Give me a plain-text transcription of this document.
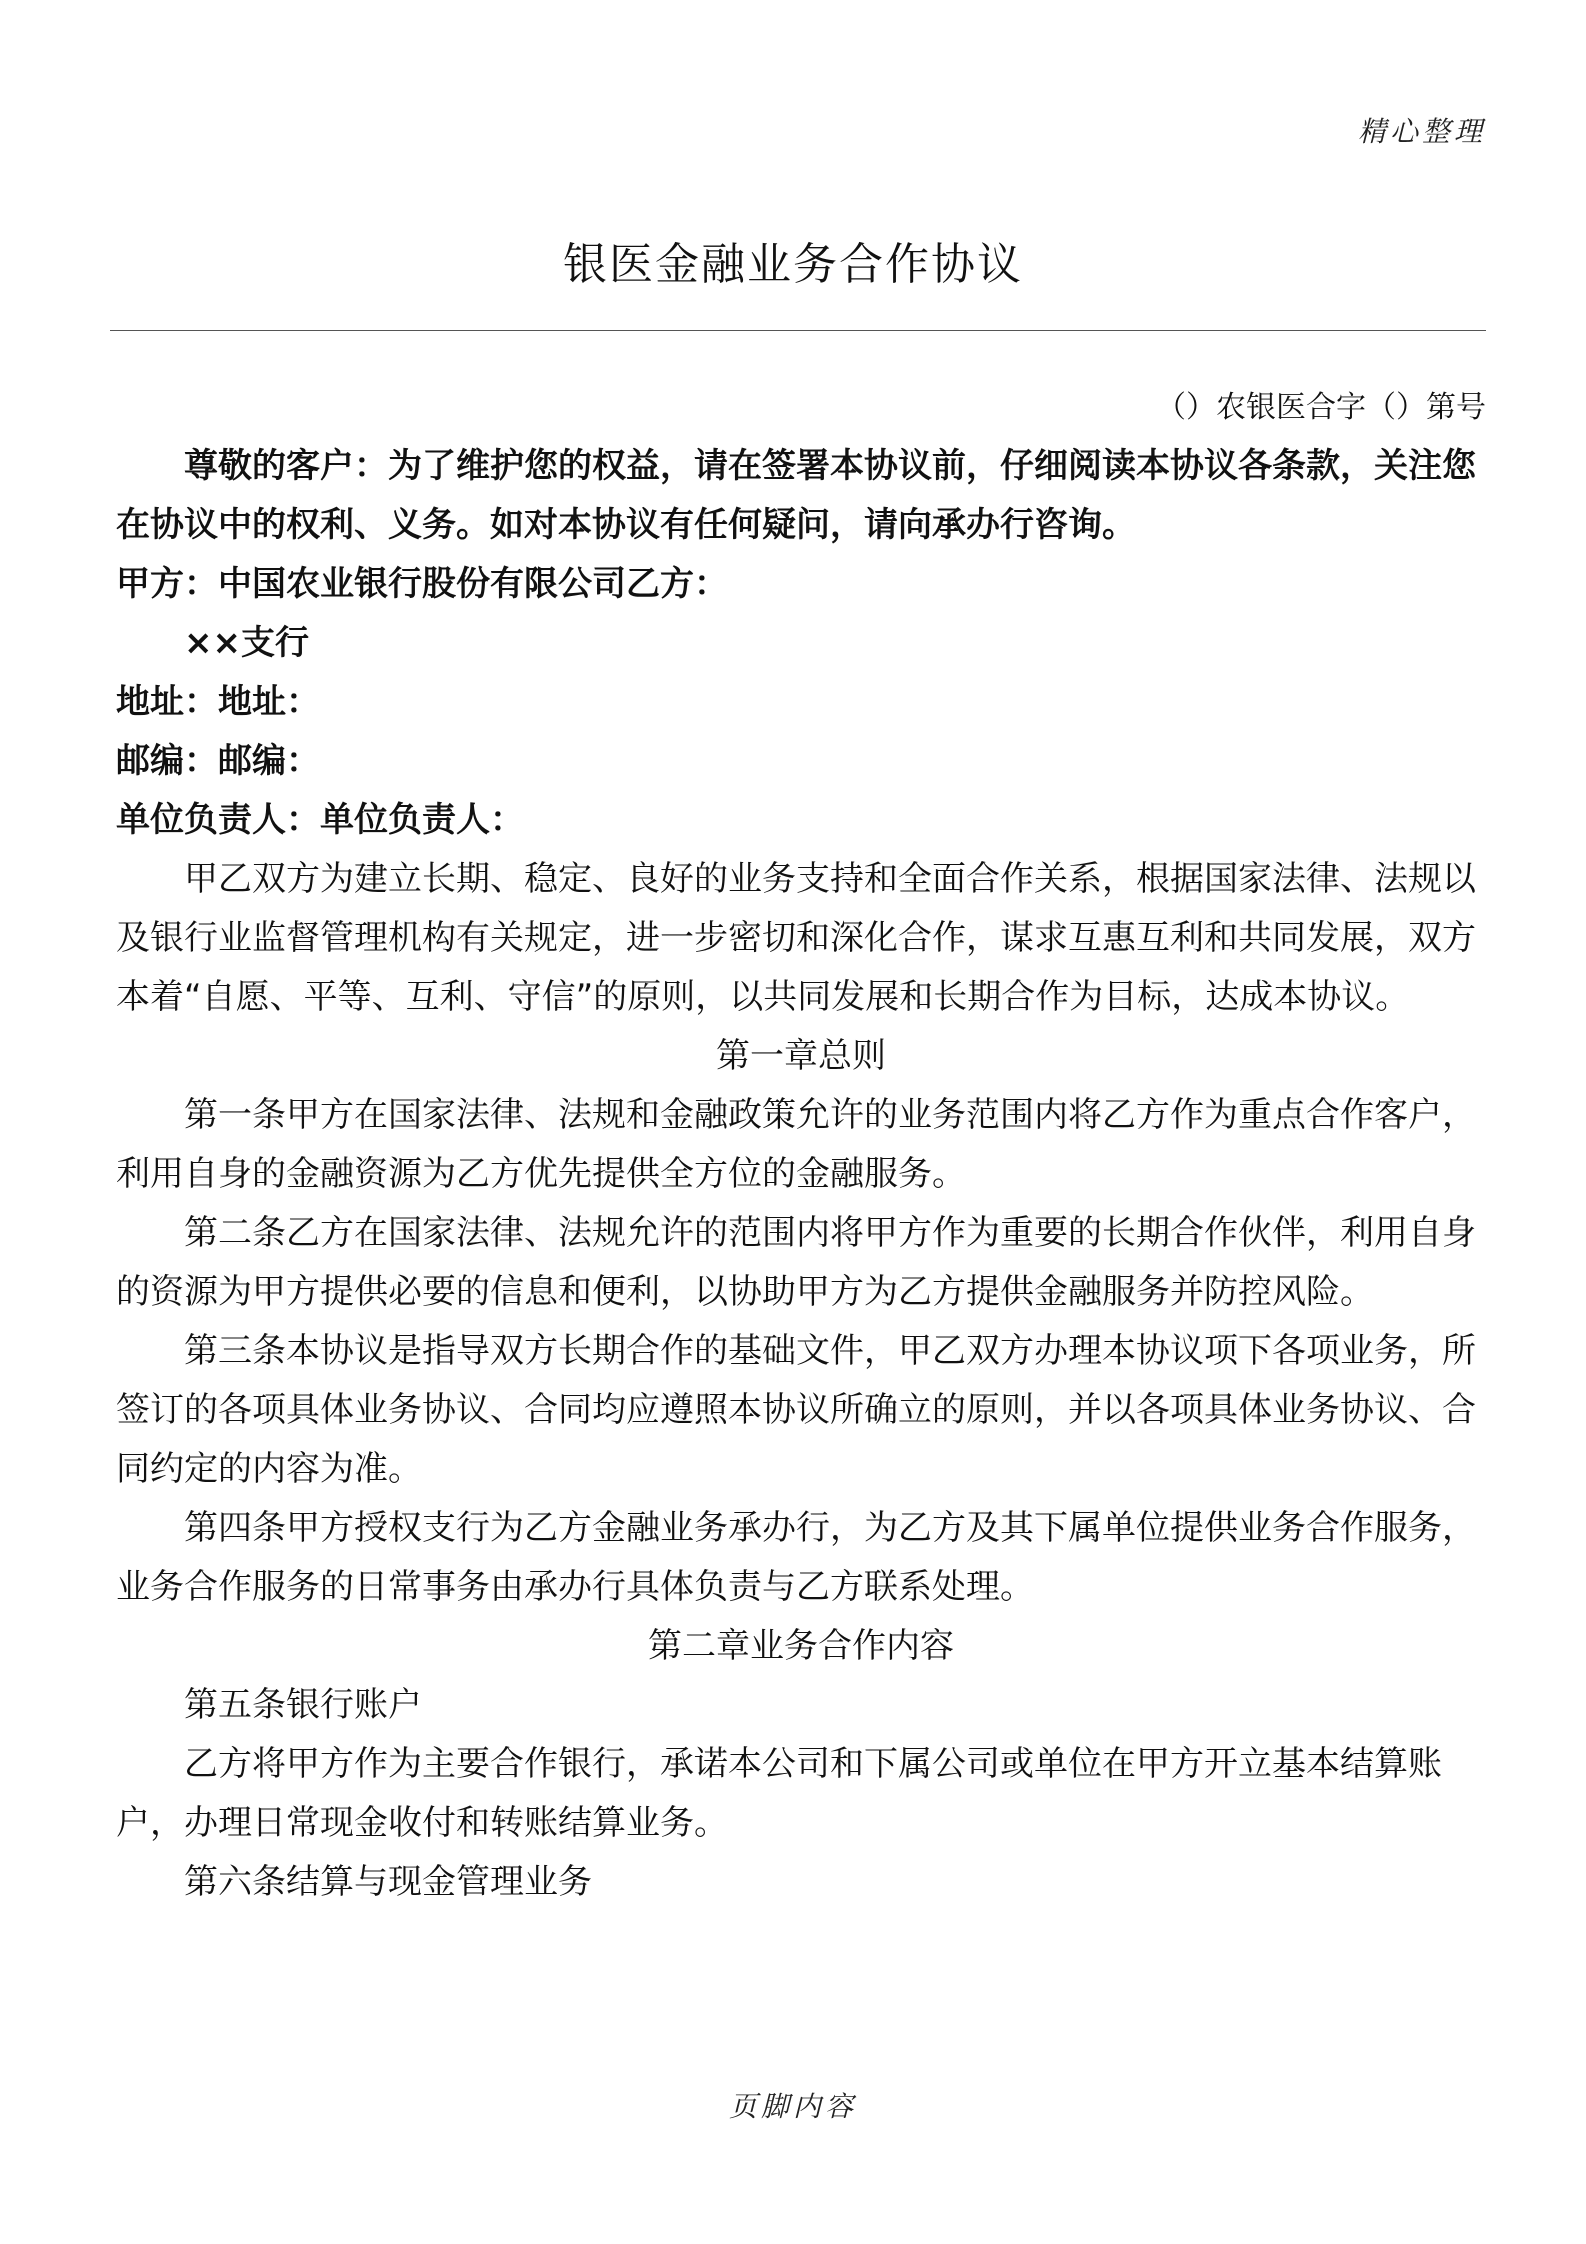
精心整理
银医金融业务合作协议

（）农银医合字（）第号

尊敬的客户：为了维护您的权益，请在签署本协议前，仔细阅读本协议各条款，关注您在协议中的权利、义务。如对本协议有任何疑问，请向承办行咨询。

甲方：中国农业银行股份有限公司乙方：

××支行

地址：地址：

邮编：邮编：

单位负责人：单位负责人：

甲乙双方为建立长期、稳定、良好的业务支持和全面合作关系，根据国家法律、法规以及银行业监督管理机构有关规定，进一步密切和深化合作，谋求互惠互利和共同发展，双方本着“自愿、平等、互利、守信”的原则，以共同发展和长期合作为目标，达成本协议。

第一章总则

第一条甲方在国家法律、法规和金融政策允许的业务范围内将乙方作为重点合作客户，利用自身的金融资源为乙方优先提供全方位的金融服务。

第二条乙方在国家法律、法规允许的范围内将甲方作为重要的长期合作伙伴，利用自身的资源为甲方提供必要的信息和便利，以协助甲方为乙方提供金融服务并防控风险。

第三条本协议是指导双方长期合作的基础文件，甲乙双方办理本协议项下各项业务，所签订的各项具体业务协议、合同均应遵照本协议所确立的原则，并以各项具体业务协议、合同约定的内容为准。

第四条甲方授权支行为乙方金融业务承办行，为乙方及其下属单位提供业务合作服务，业务合作服务的日常事务由承办行具体负责与乙方联系处理。

第二章业务合作内容

第五条银行账户

乙方将甲方作为主要合作银行，承诺本公司和下属公司或单位在甲方开立基本结算账户，办理日常现金收付和转账结算业务。

第六条结算与现金管理业务

页脚内容
